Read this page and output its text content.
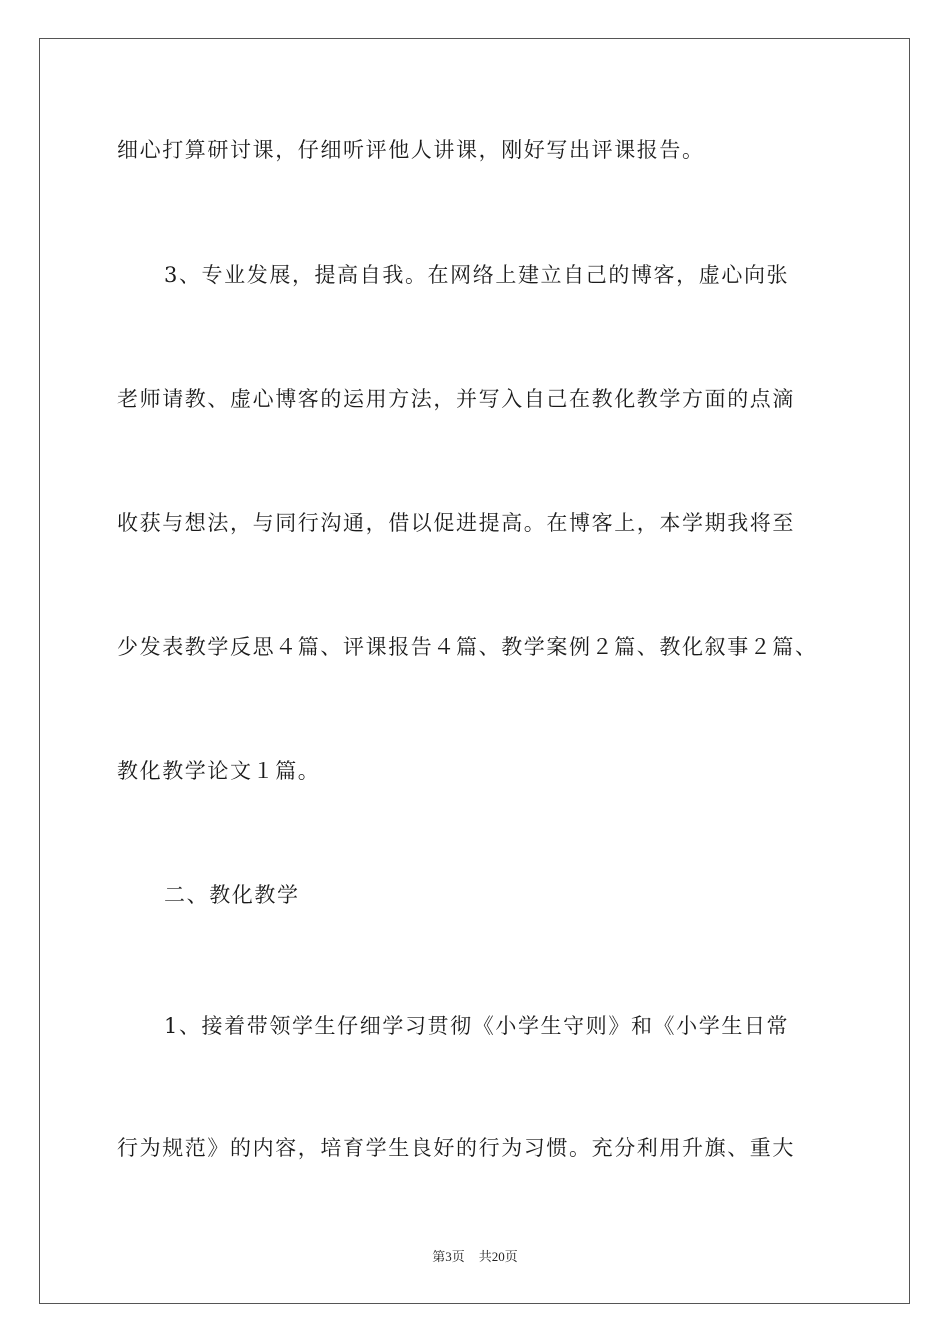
细心打算研讨课，仔细听评他人讲课，刚好写出评课报告。
3、专业发展，提高自我。在网络上建立自己的博客，虚心向张
老师请教、虚心博客的运用方法，并写入自己在教化教学方面的点滴
收获与想法，与同行沟通，借以促进提高。在博客上，本学期我将至
少发表教学反思４篇、评课报告４篇、教学案例２篇、教化叙事２篇、
教化教学论文１篇。
二、教化教学
1、接着带领学生仔细学习贯彻《小学生守则》和《小学生日常
行为规范》的内容，培育学生良好的行为习惯。充分利用升旗、重大
第3页 共20页
